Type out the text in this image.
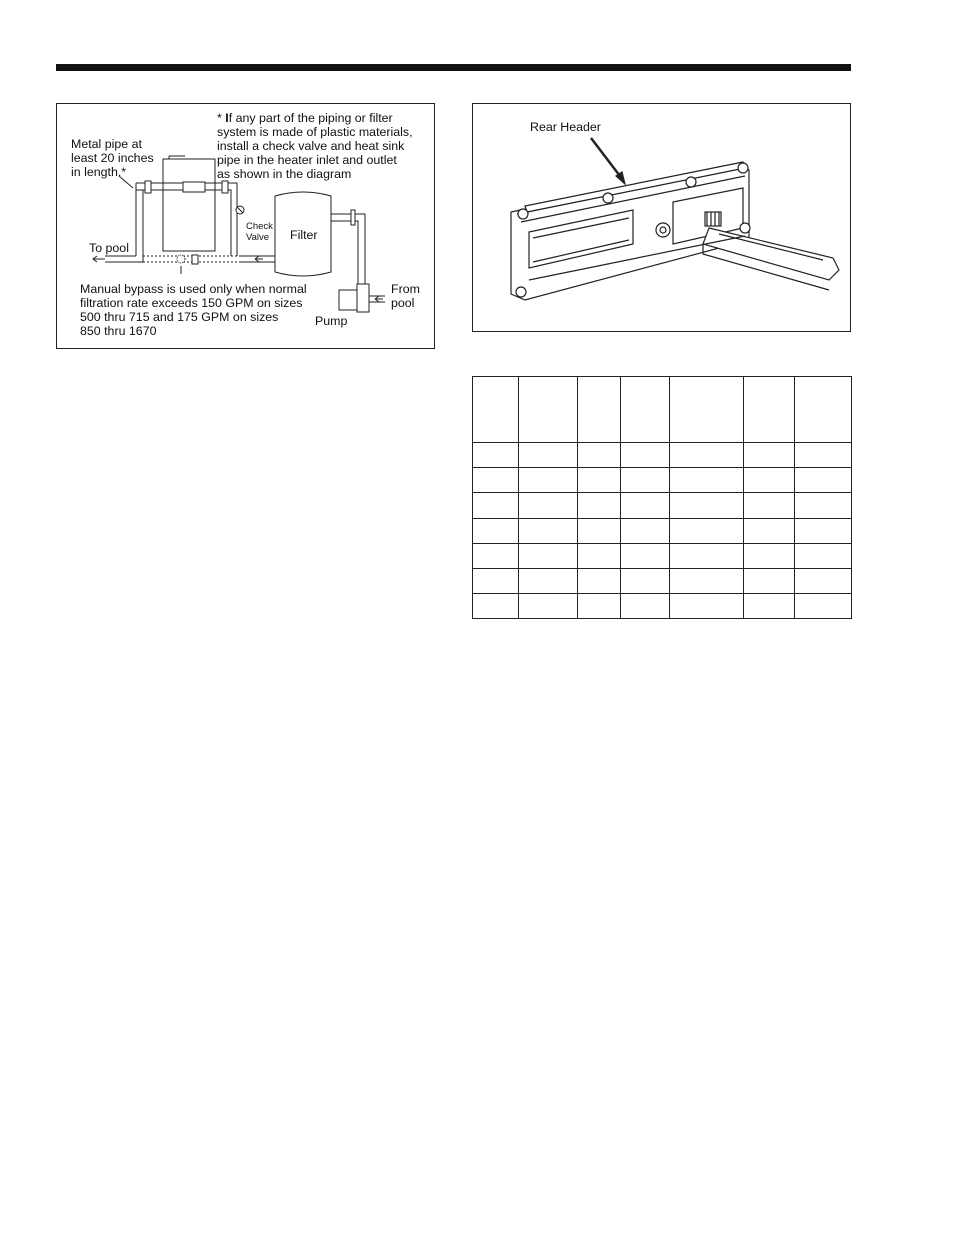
* If any part of the piping or filter
system is made of plastic materials,
install a check valve and heat sink
pipe in the heater inlet and outlet
as shown in the diagram
Metal pipe at
least 20 inches
in length.*
To pool
Check
Valve Filter
Manual bypass is used only when normal
filtration rate exceeds 150 GPM on sizes
500 thru 715 and 175 GPM on sizes
850 thru 1670
From
pool
Pump
Rear Header
